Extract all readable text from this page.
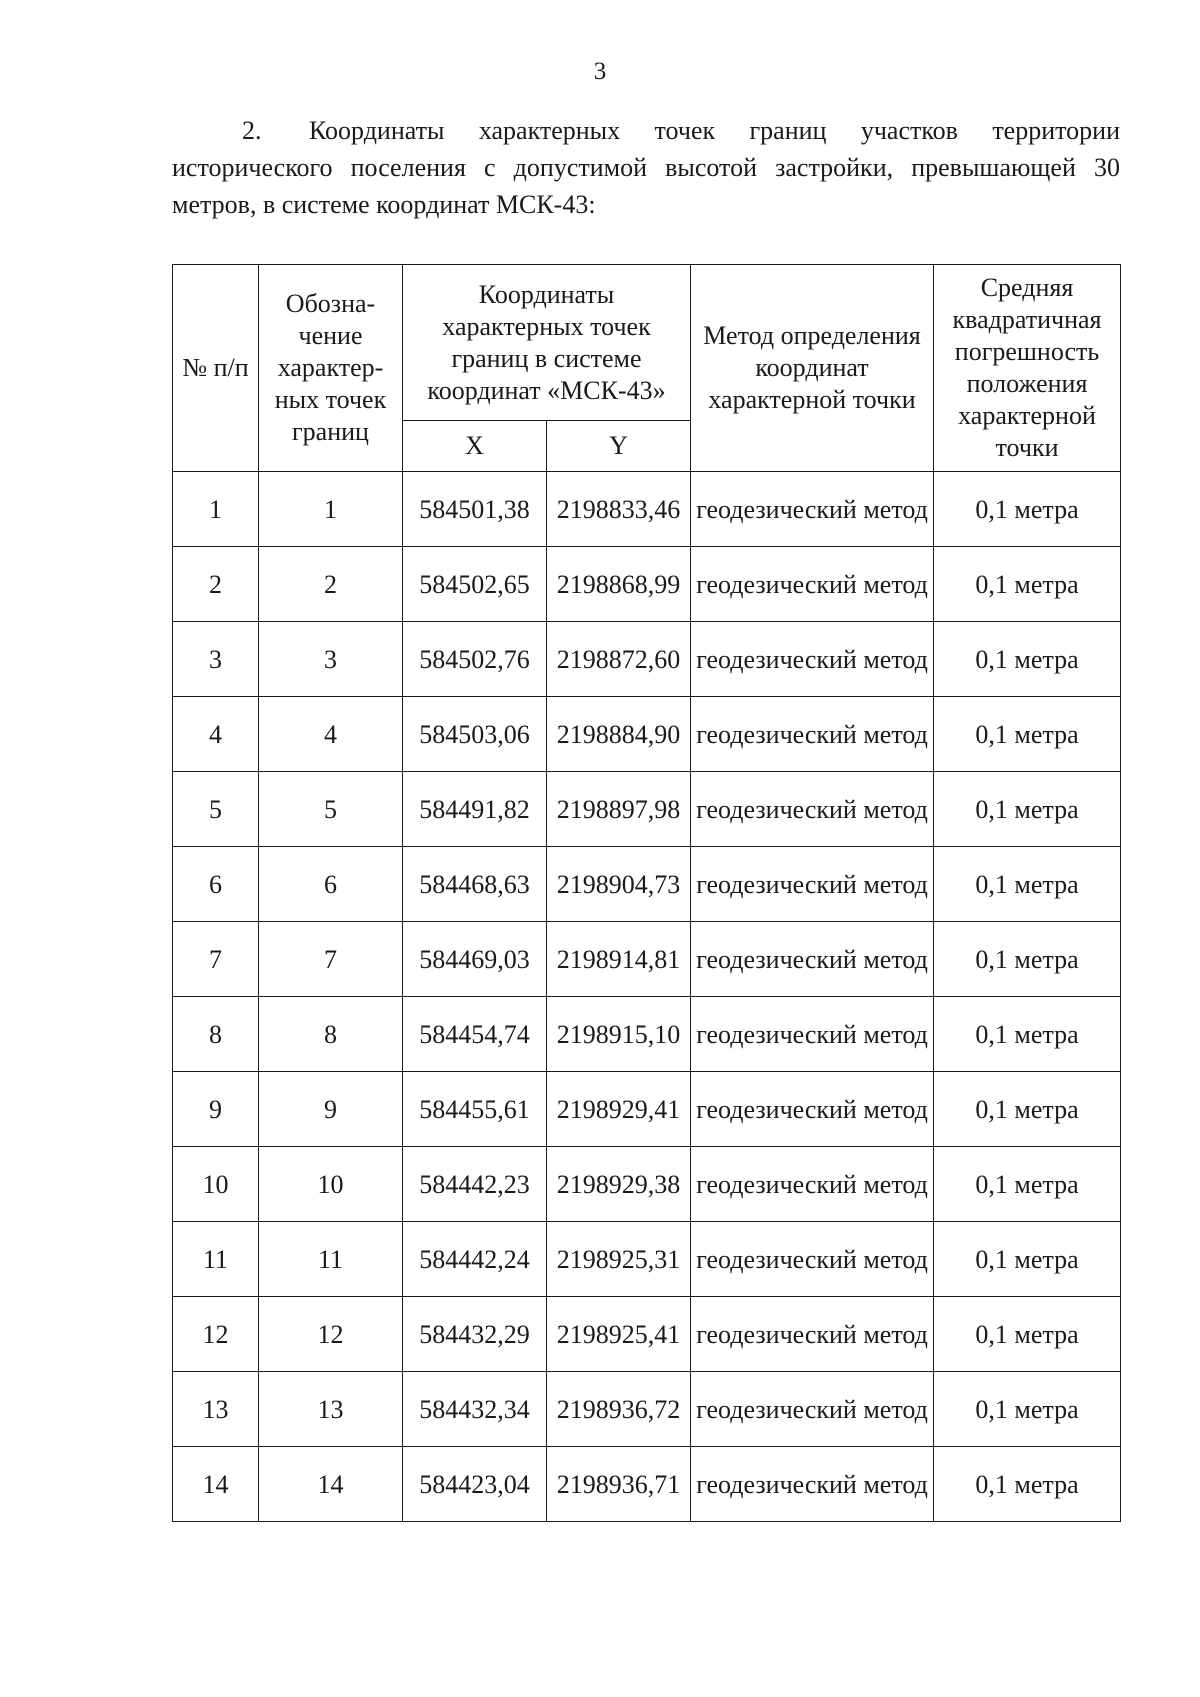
3

2. Координаты характерных точек границ участков территории исторического поселения с допустимой высотой застройки, превышающей 30 метров, в системе координат МСК-43:

№ п/п	Обозна-чение характер-ных точек границ	Координаты характерных точек границ в системе координат «МСК-43»		Метод определения координат характерной точки	Средняя квадратичная погрешность положения характерной точки
		X	Y		
1	1	584501,38	2198833,46	геодезический метод	0,1 метра
2	2	584502,65	2198868,99	геодезический метод	0,1 метра
3	3	584502,76	2198872,60	геодезический метод	0,1 метра
4	4	584503,06	2198884,90	геодезический метод	0,1 метра
5	5	584491,82	2198897,98	геодезический метод	0,1 метра
6	6	584468,63	2198904,73	геодезический метод	0,1 метра
7	7	584469,03	2198914,81	геодезический метод	0,1 метра
8	8	584454,74	2198915,10	геодезический метод	0,1 метра
9	9	584455,61	2198929,41	геодезический метод	0,1 метра
10	10	584442,23	2198929,38	геодезический метод	0,1 метра
11	11	584442,24	2198925,31	геодезический метод	0,1 метра
12	12	584432,29	2198925,41	геодезический метод	0,1 метра
13	13	584432,34	2198936,72	геодезический метод	0,1 метра
14	14	584423,04	2198936,71	геодезический метод	0,1 метра
